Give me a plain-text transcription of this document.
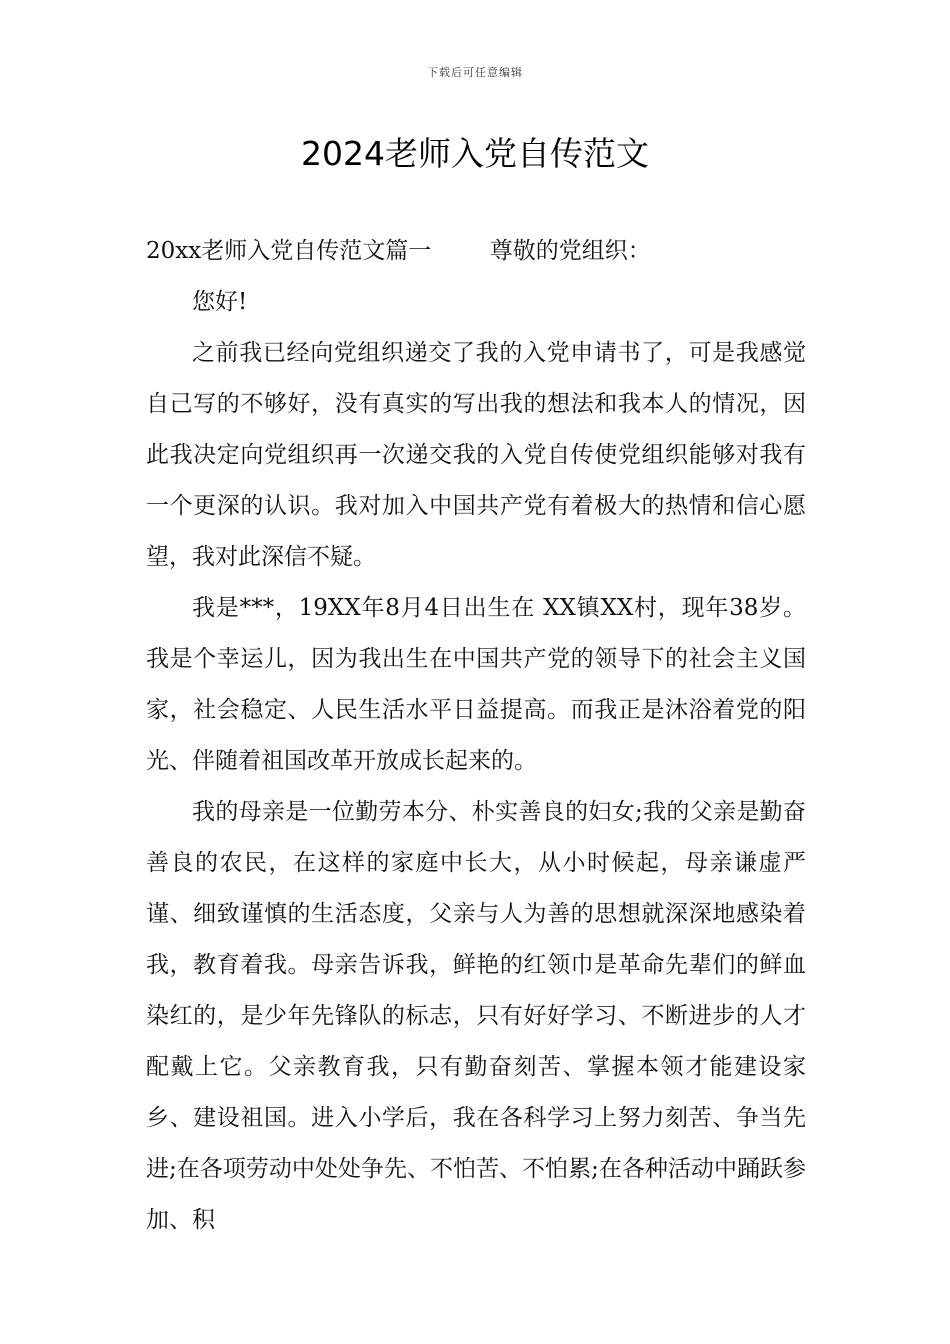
下载后可任意编辑
2024老师入党自传范文

20xx老师入党自传范文篇一        尊敬的党组织：

您好!

之前我已经向党组织递交了我的入党申请书了，可是我感觉自己写的不够好，没有真实的写出我的想法和我本人的情况，因此我决定向党组织再一次递交我的入党自传使党组织能够对我有一个更深的认识。我对加入中国共产党有着极大的热情和信心愿望，我对此深信不疑。

我是***，19XX年8月4日出生在 XX镇XX村，现年38岁。我是个幸运儿，因为我出生在中国共产党的领导下的社会主义国家，社会稳定、人民生活水平日益提高。而我正是沐浴着党的阳光、伴随着祖国改革开放成长起来的。

我的母亲是一位勤劳本分、朴实善良的妇女;我的父亲是勤奋善良的农民，在这样的家庭中长大，从小时候起，母亲谦虚严谨、细致谨慎的生活态度，父亲与人为善的思想就深深地感染着我，教育着我。母亲告诉我，鲜艳的红领巾是革命先辈们的鲜血染红的，是少年先锋队的标志，只有好好学习、不断进步的人才配戴上它。父亲教育我，只有勤奋刻苦、掌握本领才能建设家乡、建设祖国。进入小学后，我在各科学习上努力刻苦、争当先进;在各项劳动中处处争先、不怕苦、不怕累;在各种活动中踊跃参加、积
